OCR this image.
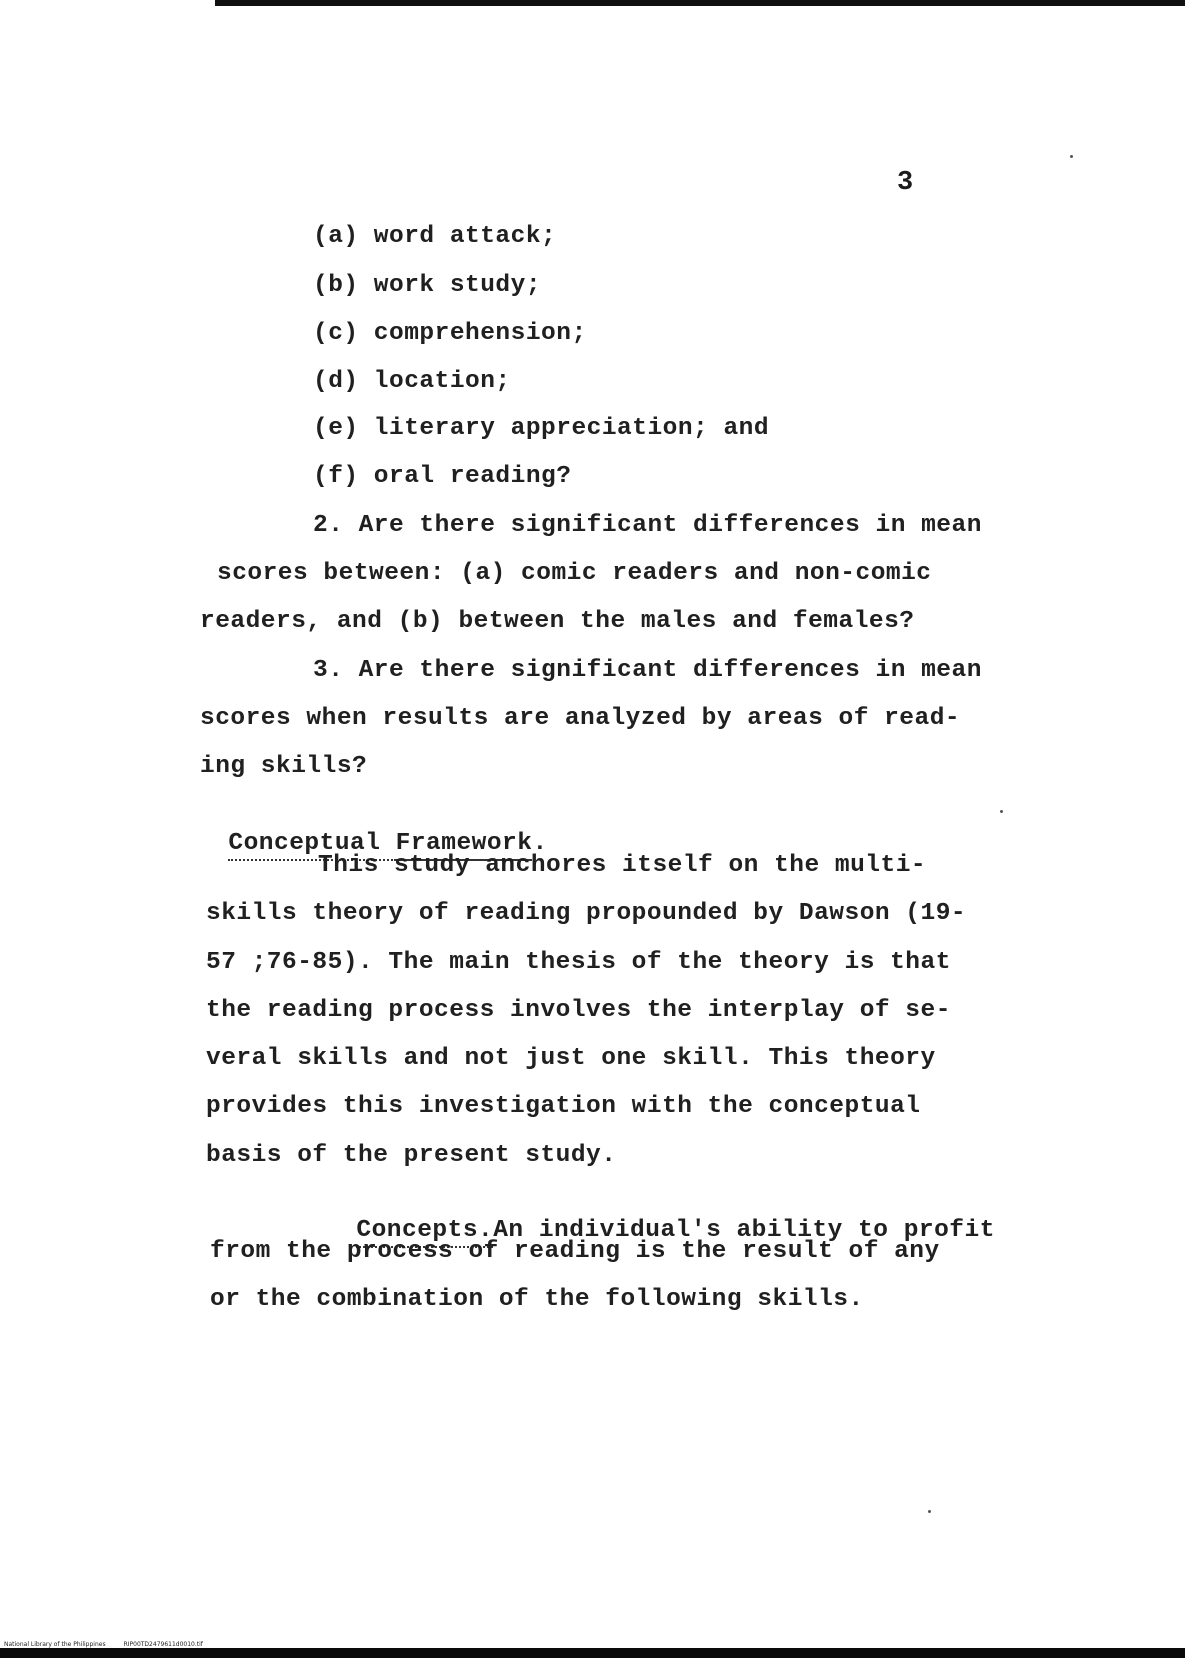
3
(a) word attack;
(b) work study;
(c) comprehension;
(d) location;
(e) literary appreciation; and
(f) oral reading?
2. Are there significant differences in mean
scores between: (a) comic readers and non-comic
readers, and (b) between the males and females?
3. Are there significant differences in mean
scores when results are analyzed by areas of read-
ing skills?

Conceptual Framework.

This study anchores itself on the multi-
skills theory of reading propounded by Dawson (19-
57 ;76-85). The main thesis of the theory is that
the reading process involves the interplay of se-
veral skills and not just one skill. This theory
provides this investigation with the conceptual
basis of the present study.

Concepts.An individual's ability to profit

from the process of reading is the result of any
or the combination of the following skills.
National Library of the Philippines	RIP00TD2479611d0010.tif
